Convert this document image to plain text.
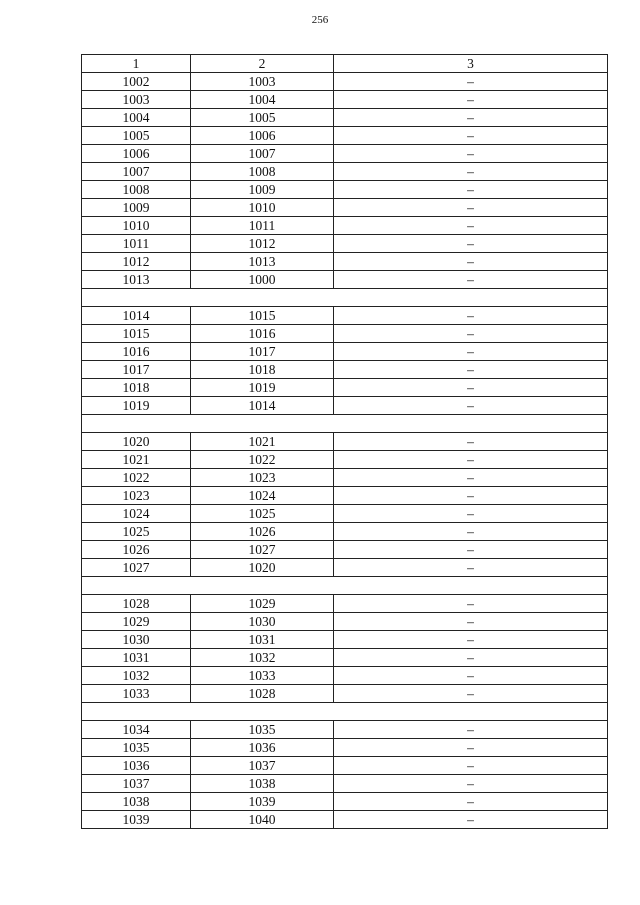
256
1	2	3
1002	1003	–
1003	1004	–
1004	1005	–
1005	1006	–
1006	1007	–
1007	1008	–
1008	1009	–
1009	1010	–
1010	1011	–
1011	1012	–
1012	1013	–
1013	1000	–

1014	1015	–
1015	1016	–
1016	1017	–
1017	1018	–
1018	1019	–
1019	1014	–

1020	1021	–
1021	1022	–
1022	1023	–
1023	1024	–
1024	1025	–
1025	1026	–
1026	1027	–
1027	1020	–

1028	1029	–
1029	1030	–
1030	1031	–
1031	1032	–
1032	1033	–
1033	1028	–

1034	1035	–
1035	1036	–
1036	1037	–
1037	1038	–
1038	1039	–
1039	1040	–
